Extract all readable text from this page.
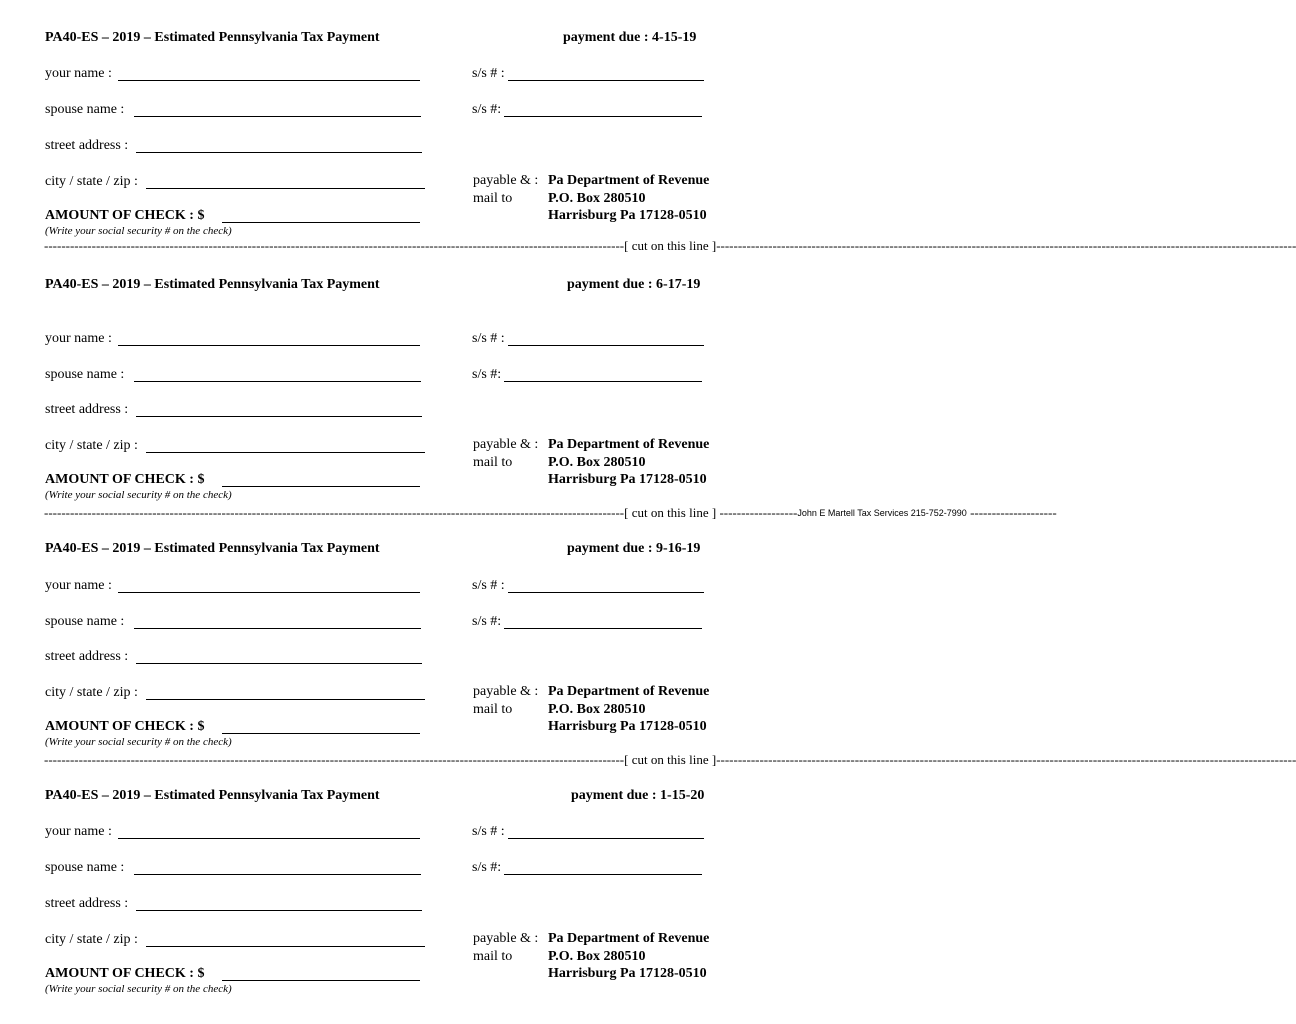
PA40-ES – 2019 – Estimated Pennsylvania Tax Payment	payment due : 4-15-19
your name :	s/s # :
spouse name :	s/s #:
street address :
city / state / zip :	payable & : Pa Department of Revenue
mail to	P.O. Box 280510
Harrisburg Pa 17128-0510
AMOUNT OF CHECK : $
(Write your social security # on the check)
-------------------------------------------------------------------------------------------------------------------------------------- [ cut on this line ] --------------------------------------------------------------------------------------------------------------------------------------
PA40-ES – 2019 – Estimated Pennsylvania Tax Payment	payment due : 6-17-19
your name :	s/s # :
spouse name :	s/s #:
street address :
city / state / zip :	payable & : Pa Department of Revenue
mail to	P.O. Box 280510
Harrisburg Pa 17128-0510
AMOUNT OF CHECK : $
(Write your social security # on the check)
-------------------------------------------------------------------------------------------------------------------------------------- [ cut on this line ] ------------------ John E Martell Tax Services 215-752-7990 --------------------
PA40-ES – 2019 – Estimated Pennsylvania Tax Payment	payment due : 9-16-19
your name :	s/s # :
spouse name :	s/s #:
street address :
city / state / zip :	payable & : Pa Department of Revenue
mail to	P.O. Box 280510
Harrisburg Pa 17128-0510
AMOUNT OF CHECK : $
(Write your social security # on the check)
-------------------------------------------------------------------------------------------------------------------------------------- [ cut on this line ] --------------------------------------------------------------------------------------------------------------------------------------
PA40-ES – 2019 – Estimated Pennsylvania Tax Payment	payment due : 1-15-20
your name :	s/s # :
spouse name :	s/s #:
street address :
city / state / zip :	payable & : Pa Department of Revenue
mail to	P.O. Box 280510
Harrisburg Pa 17128-0510
AMOUNT OF CHECK : $
(Write your social security # on the check)
